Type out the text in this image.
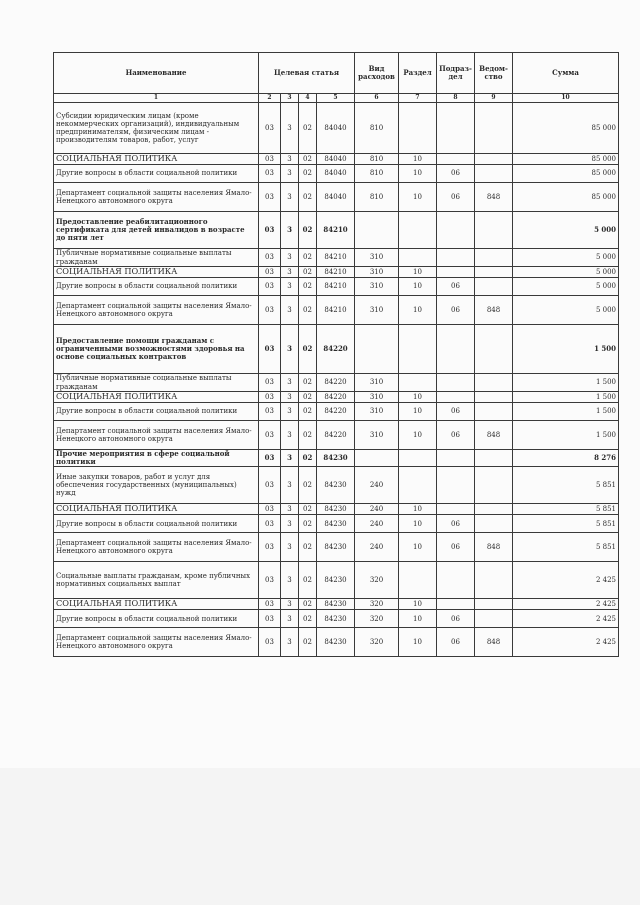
Наименование	Целевая статья				Вид расходов	Раздел	Подраз- дел	Ведом- ство	Сумма
1	2	3	4	5	6	7	8	9	10
Субсидии юридическим лицам (кроме некоммерческих организаций), индивидуальным предпринимателям, физическим лицам - производителям товаров, работ, услуг	03	3	02	84040	810				85 000
СОЦИАЛЬНАЯ ПОЛИТИКА	03	3	02	84040	810	10			85 000
Другие вопросы в области социальной политики	03	3	02	84040	810	10	06		85 000
Департамент социальной защиты населения Ямало-Ненецкого автономного округа	03	3	02	84040	810	10	06	848	85 000
Предоставление реабилитационного сертификата для детей инвалидов в возрасте до пяти лет	03	3	02	84210					5 000
Публичные нормативные социальные выплаты гражданам	03	3	02	84210	310				5 000
СОЦИАЛЬНАЯ ПОЛИТИКА	03	3	02	84210	310	10			5 000
Другие вопросы в области социальной политики	03	3	02	84210	310	10	06		5 000
Департамент социальной защиты населения Ямало-Ненецкого автономного округа	03	3	02	84210	310	10	06	848	5 000
Предоставление помощи гражданам с ограниченными возможностями здоровья на основе социальных контрактов	03	3	02	84220					1 500
Публичные нормативные социальные выплаты гражданам	03	3	02	84220	310				1 500
СОЦИАЛЬНАЯ ПОЛИТИКА	03	3	02	84220	310	10			1 500
Другие вопросы в области социальной политики	03	3	02	84220	310	10	06		1 500
Департамент социальной защиты населения Ямало-Ненецкого автономного округа	03	3	02	84220	310	10	06	848	1 500
Прочие мероприятия в сфере социальной политики	03	3	02	84230					8 276
Иные закупки товаров, работ и услуг для обеспечения государственных (муниципальных) нужд	03	3	02	84230	240				5 851
СОЦИАЛЬНАЯ ПОЛИТИКА	03	3	02	84230	240	10			5 851
Другие вопросы в области социальной политики	03	3	02	84230	240	10	06		5 851
Департамент социальной защиты населения Ямало-Ненецкого автономного округа	03	3	02	84230	240	10	06	848	5 851
Социальные выплаты гражданам, кроме публичных нормативных социальных выплат	03	3	02	84230	320				2 425
СОЦИАЛЬНАЯ ПОЛИТИКА	03	3	02	84230	320	10			2 425
Другие вопросы в области социальной политики	03	3	02	84230	320	10	06		2 425
Департамент социальной защиты населения Ямало-Ненецкого автономного округа	03	3	02	84230	320	10	06	848	2 425
